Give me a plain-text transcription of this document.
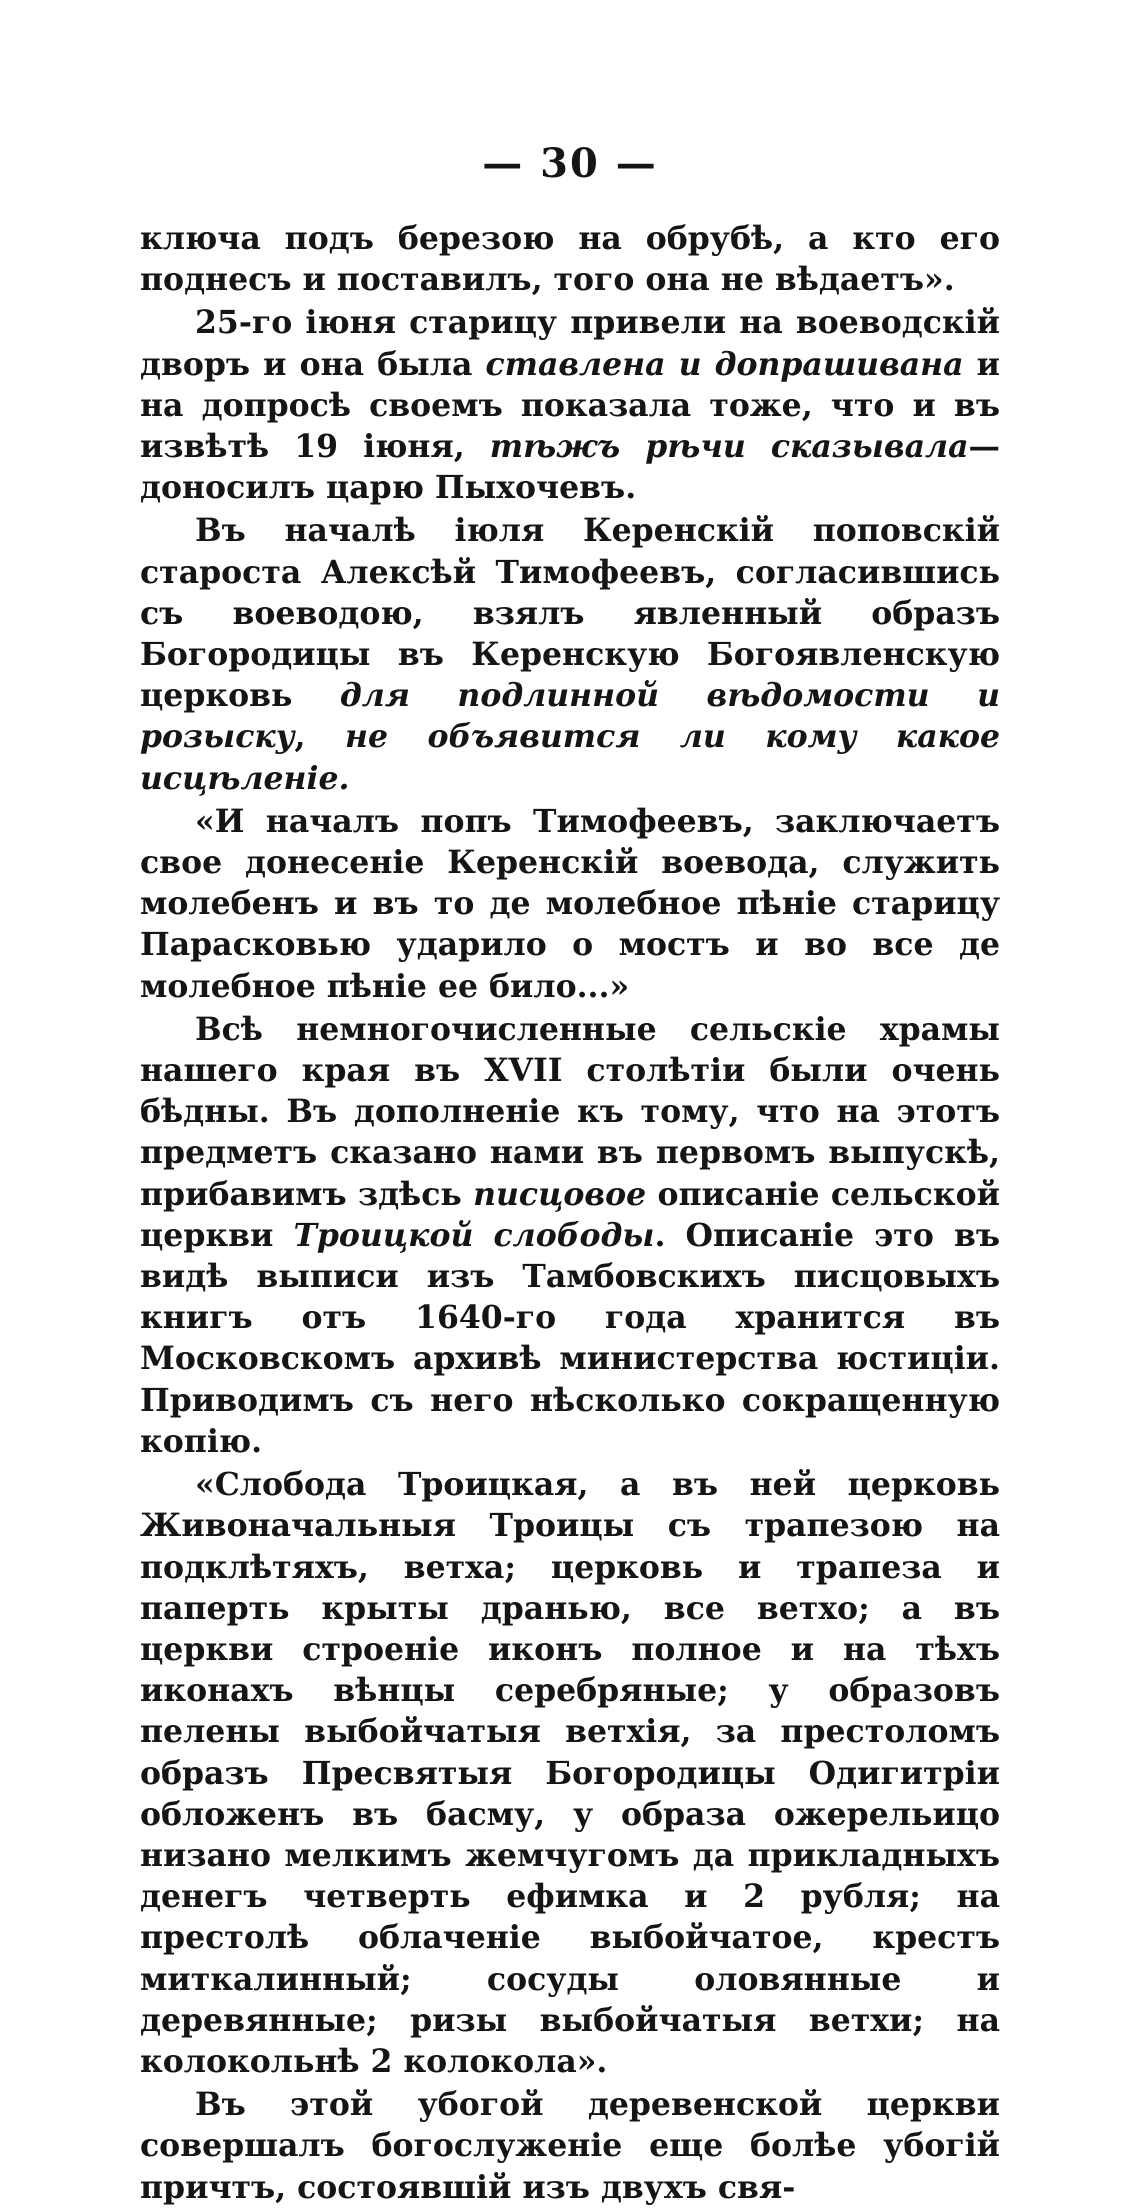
— 30 —

ключа подъ березою на обрубѣ, а кто его поднесъ и поставилъ, того она не вѣдаетъ».

25-го іюня старицу привели на воеводскій дворъ и она была ставлена и допрашивана и на допросѣ своемъ показала тоже, что и въ извѣтѣ 19 іюня, тѣжъ рѣчи сказывала—доносилъ царю Пыхочевъ.

Въ началѣ іюля Керенскій поповскій староста Алексѣй Тимофеевъ, согласившись съ воеводою, взялъ явленный образъ Богородицы въ Керенскую Богоявленскую церковь для подлинной вѣдомости и розыску, не объявится ли кому какое исцѣленіе.

«И началъ попъ Тимофеевъ, заключаетъ свое донесеніе Керенскій воевода, служить молебенъ и въ то де молебное пѣніе старицу Парасковью ударило о мостъ и во все де молебное пѣніе ее било...»

Всѣ немногочисленные сельскіе храмы нашего края въ XVII столѣтіи были очень бѣдны. Въ дополненіе къ тому, что на этотъ предметъ сказано нами въ первомъ выпускѣ, прибавимъ здѣсь писцовое описаніе сельской церкви Троицкой слободы. Описаніе это въ видѣ выписи изъ Тамбовскихъ писцовыхъ книгъ отъ 1640-го года хранится въ Московскомъ архивѣ министерства юстиціи. Приводимъ съ него нѣсколько сокращенную копію.

«Слобода Троицкая, а въ ней церковь Живоначальныя Троицы съ трапезою на подклѣтяхъ, ветха; церковь и трапеза и паперть крыты дранью, все ветхо; а въ церкви строеніе иконъ полное и на тѣхъ иконахъ вѣнцы серебряные; у образовъ пелены выбойчатыя ветхія, за престоломъ образъ Пресвятыя Богородицы Одигитріи обложенъ въ басму, у образа ожерельицо низано мелкимъ жемчугомъ да прикладныхъ денегъ четверть ефимка и 2 рубля; на престолѣ облаченіе выбойчатое, крестъ миткалинный; сосуды оловянные и деревянные; ризы выбойчатыя ветхи; на колокольнѣ 2 колокола».

Въ этой убогой деревенской церкви совершалъ богослуженіе еще болѣе убогій причтъ, состоявшій изъ двухъ свя-
